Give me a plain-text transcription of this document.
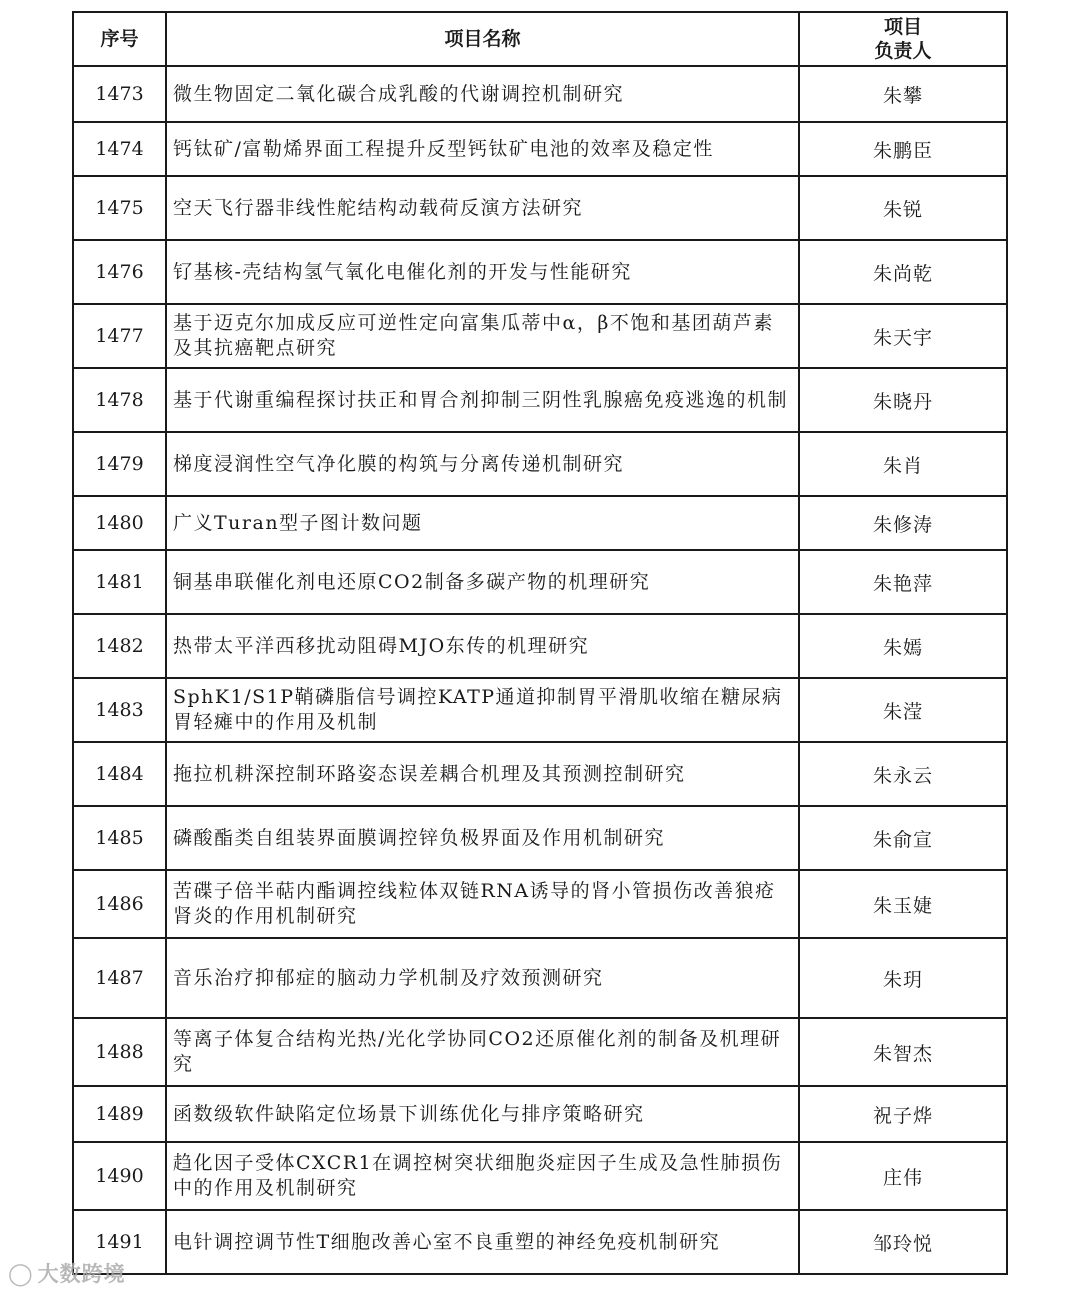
序号	项目名称	项目
负责人

1473	微生物固定二氧化碳合成乳酸的代谢调控机制研究	朱攀
1474	钙钛矿/富勒烯界面工程提升反型钙钛矿电池的效率及稳定性	朱鹏臣
1475	空天飞行器非线性舵结构动载荷反演方法研究	朱锐
1476	钌基核-壳结构氢气氧化电催化剂的开发与性能研究	朱尚乾
1477	基于迈克尔加成反应可逆性定向富集瓜蒂中α，β不饱和基团葫芦素及其抗癌靶点研究	朱天宇
1478	基于代谢重编程探讨扶正和胃合剂抑制三阴性乳腺癌免疫逃逸的机制	朱晓丹
1479	梯度浸润性空气净化膜的构筑与分离传递机制研究	朱肖
1480	广义Turan型子图计数问题	朱修涛
1481	铜基串联催化剂电还原CO2制备多碳产物的机理研究	朱艳萍
1482	热带太平洋西移扰动阻碍MJO东传的机理研究	朱嫣
1483	SphK1/S1P鞘磷脂信号调控KATP通道抑制胃平滑肌收缩在糖尿病胃轻瘫中的作用及机制	朱滢
1484	拖拉机耕深控制环路姿态误差耦合机理及其预测控制研究	朱永云
1485	磷酸酯类自组装界面膜调控锌负极界面及作用机制研究	朱俞宣
1486	苦碟子倍半萜内酯调控线粒体双链RNA诱导的肾小管损伤改善狼疮肾炎的作用机制研究	朱玉婕
1487	音乐治疗抑郁症的脑动力学机制及疗效预测研究	朱玥
1488	等离子体复合结构光热/光化学协同CO2还原催化剂的制备及机理研究	朱智杰
1489	函数级软件缺陷定位场景下训练优化与排序策略研究	祝子烨
1490	趋化因子受体CXCR1在调控树突状细胞炎症因子生成及急性肺损伤中的作用及机制研究	庄伟
1491	电针调控调节性T细胞改善心室不良重塑的神经免疫机制研究	邹玲悦
◯ 大数跨境
